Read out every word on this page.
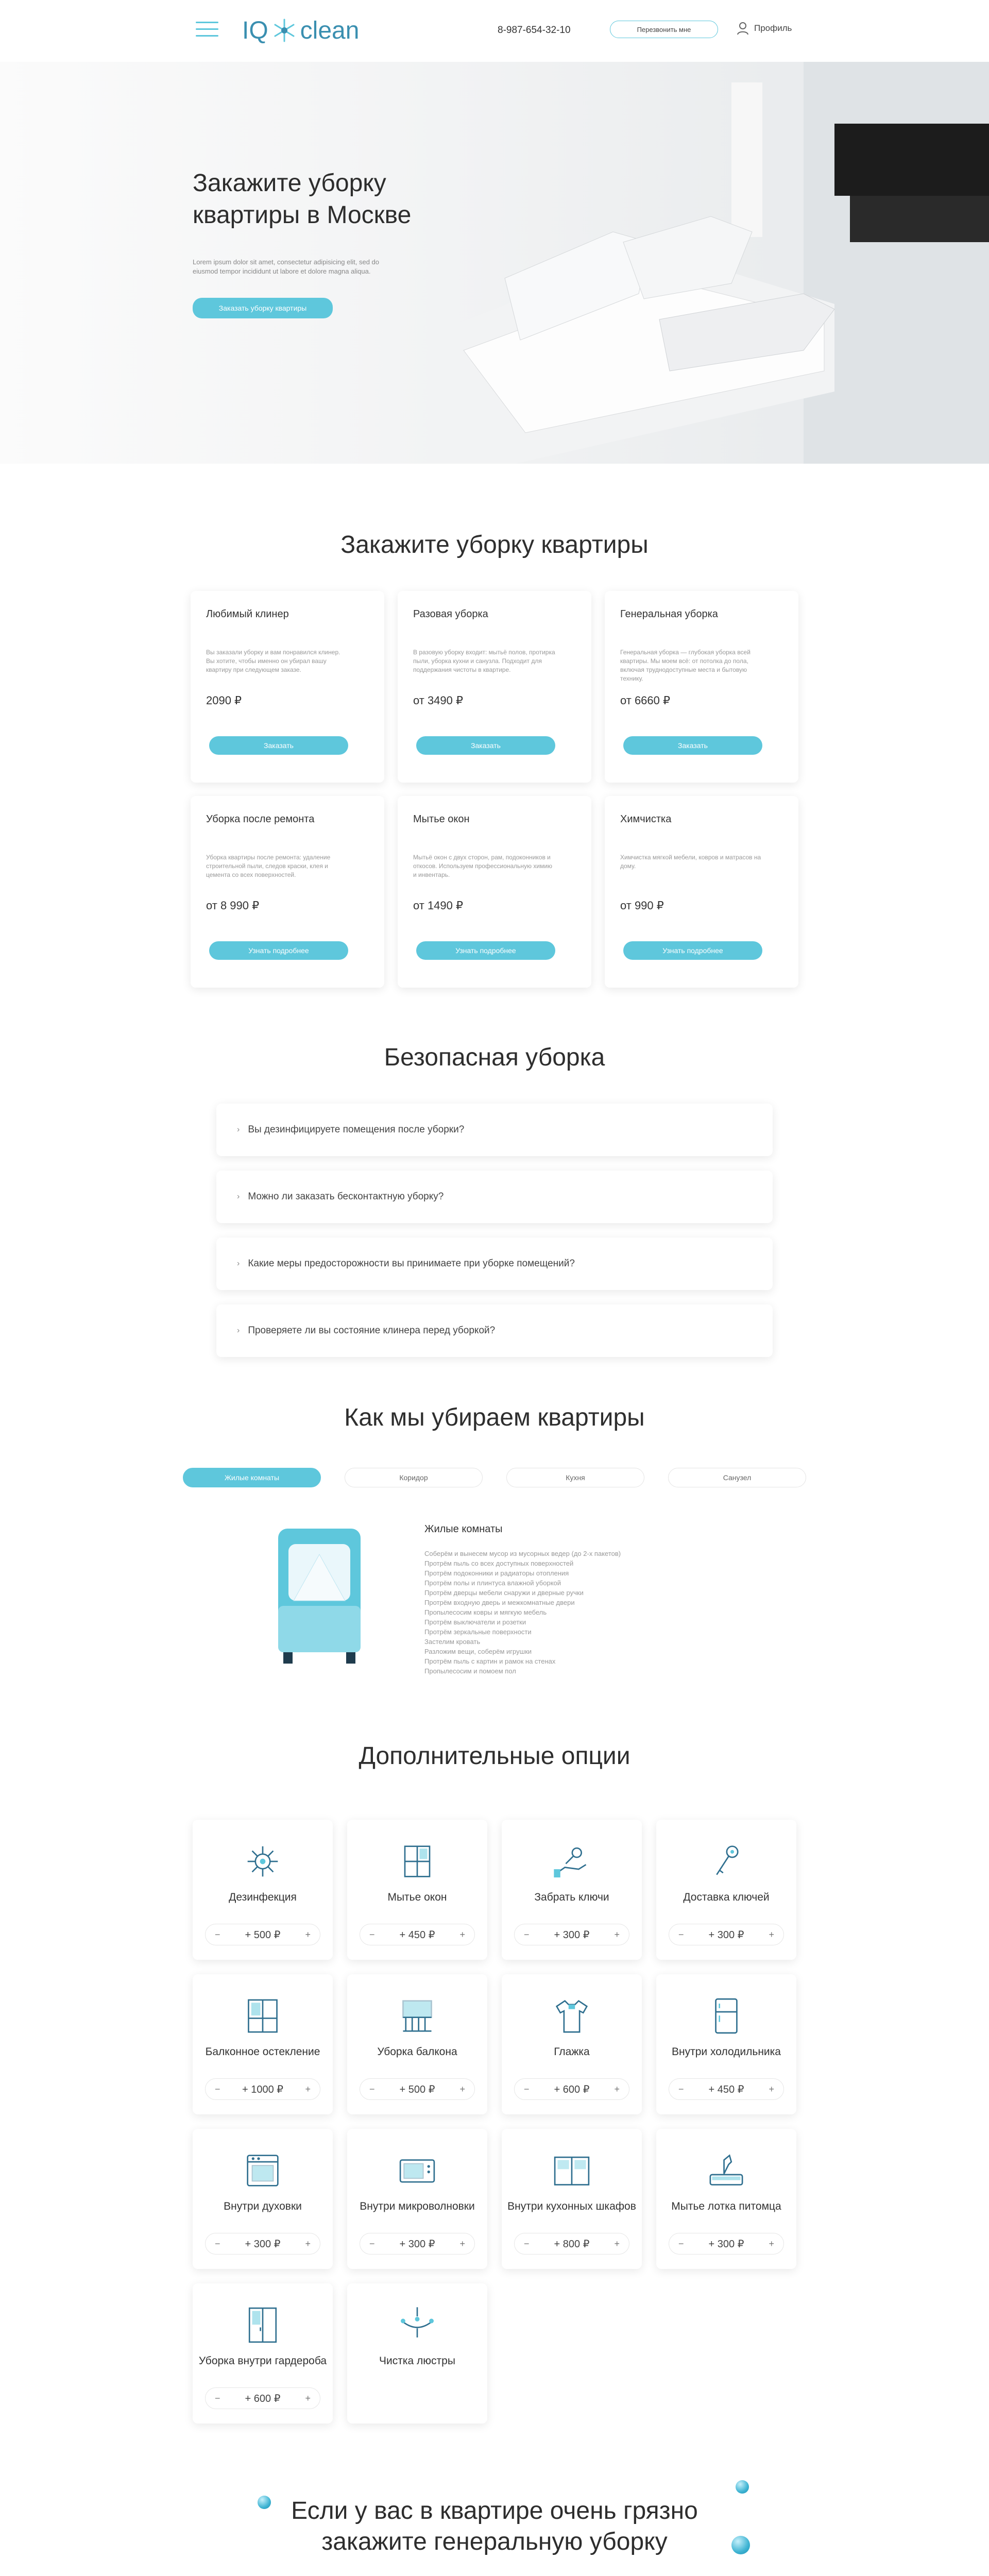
IQ clean	8-987-654-32-10	Перезвонить мне	Профиль
Закажите уборку квартиры в Москве

Lorem ipsum dolor sit amet, consectetur adipisicing elit, sed do eiusmod tempor incididunt ut labore et dolore magna aliqua.

Заказать уборку квартиры
Закажите уборку квартиры
Любимый клинер

Вы заказали уборку и вам понравился клинер. Вы хотите, чтобы именно он убирал вашу квартиру при следующем заказе.

2090 ₽
Заказать
Разовая уборка

В разовую уборку входит: мытьё полов, протирка пыли, уборка кухни и санузла. Подходит для поддержания чистоты в квартире.

от 3490 ₽
Заказать
Генеральная уборка

Генеральная уборка — глубокая уборка всей квартиры. Мы моем всё: от потолка до пола, включая труднодоступные места и бытовую технику.

от 6660 ₽
Заказать
Уборка после ремонта

Уборка квартиры после ремонта: удаление строительной пыли, следов краски, клея и цемента со всех поверхностей.

от 8 990 ₽
Узнать подробнее
Мытье окон

Мытьё окон с двух сторон, рам, подоконников и откосов. Используем профессиональную химию и инвентарь.

от 1490 ₽
Узнать подробнее
Химчистка

Химчистка мягкой мебели, ковров и матрасов на дому.

от 990 ₽
Узнать подробнее
Безопасная уборка
› Вы дезинфицируете помещения после уборки?
› Можно ли заказать бесконтактную уборку?
› Какие меры предосторожности вы принимаете при уборке помещений?
› Проверяете ли вы состояние клинера перед уборкой?
Как мы убираем квартиры
Жилые комнаты	Коридор	Кухня	Санузел
Жилые комнаты
Соберём и вынесем мусор из мусорных ведер (до 2-х пакетов)
Протрём пыль со всех доступных поверхностей
Протрём подоконники и радиаторы отопления
Протрём полы и плинтуса влажной уборкой
Протрём дверцы мебели снаружи и дверные ручки
Протрём входную дверь и межкомнатные двери
Пропылесосим ковры и мягкую мебель
Протрём выключатели и розетки
Протрём зеркальные поверхности
Застелим кровать
Разложим вещи, соберём игрушки
Протрём пыль с картин и рамок на стенах
Пропылесосим и помоем пол
Дополнительные опции
Дезинфекция
− + 500 ₽	+
Мытье окон
− + 450 ₽	+
Забрать ключи
− + 300 ₽	+
Доставка ключей
− + 300 ₽	+
Балконное остекление
− + 1000 ₽ +
Уборка балкона
− + 500 ₽	+
Глажка
− + 600 ₽	+
Внутри холодильника
− + 450 ₽	+
Внутри духовки
− + 300 ₽	+
Внутри микроволновки
− + 300 ₽	+
Внутри кухонных шкафов
− + 800 ₽	+
Мытье лотка питомца
− + 300 ₽	+
Уборка внутри гардероба
− + 600 ₽	+
Чистка люстры
Если у вас в квартире очень грязно закажите генеральную уборку
